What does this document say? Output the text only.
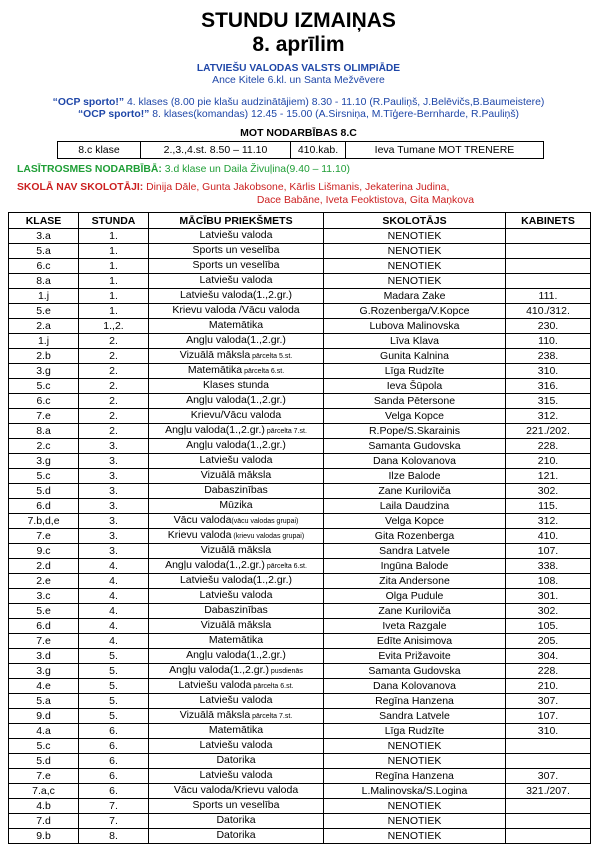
STUNDU IZMAIŅAS
8. aprīlim
LATVIEŠU VALODAS VALSTS OLIMPIĀDE
Ance Kitele 6.kl. un Santa Mežvēvere
“OCP sporto!” 4. klases (8.00 pie klašu audzinātājiem) 8.30 - 11.10 (R.Pauliņš, J.Belēvičs,B.Baumeistere)
“OCP sporto!” 8. klases(komandas) 12.45 - 15.00 (A.Sirsniņa, M.Tīģere-Bernharde, R.Pauliņš)
MOT NODARBĪBAS 8.C
8.c klase	2.,3.,4.st. 8.50 – 11.10	410.kab.	Ieva Tumane MOT TRENERE
LASĪTROSMES NODARBĪBĀ: 3.d klase un Daila Živuļina(9.40 – 11.10)
SKOLĀ NAV SKOLOTĀJI: Dinija Dāle, Gunta Jakobsone, Kārlis Lišmanis, Jekaterina Judina,
Dace Babāne, Iveta Feoktistova, Gita Maņkova
KLASE	STUNDA	MĀCĪBU PRIEKŠMETS	SKOLOTĀJS	KABINETS
3.a	1.	Latviešu valoda	NENOTIEK	
5.a	1.	Sports un veselība	NENOTIEK	
6.c	1.	Sports un veselība	NENOTIEK	
8.a	1.	Latviešu valoda	NENOTIEK	
1.j	1.	Latviešu valoda(1.,2.gr.)	Madara Zake	111.
5.e	1.	Krievu valoda /Vācu valoda	G.Rozenberga/V.Kopce	410./312.
2.a	1.,2.	Matemātika	Lubova Malinovska	230.
1.j	2.	Angļu valoda(1.,2.gr.)	Līva Klava	110.
2.b	2.	Vizuālā māksla pārcelta 5.st.	Gunita Kalnina	238.
3.g	2.	Matemātika pārcelta 6.st.	Līga Rudzīte	310.
5.c	2.	Klases stunda	Ieva Šūpola	316.
6.c	2.	Angļu valoda(1.,2.gr.)	Sanda Pētersone	315.
7.e	2.	Krievu/Vācu valoda	Velga Kopce	312.
8.a	2.	Angļu valoda(1.,2.gr.) pārcelta 7.st.	R.Pope/S.Skarainis	221./202.
2.c	3.	Angļu valoda(1.,2.gr.)	Samanta Gudovska	228.
3.g	3.	Latviešu valoda	Dana Kolovanova	210.
5.c	3.	Vizuālā māksla	Ilze Balode	121.
5.d	3.	Dabaszinības	Zane Kuriloviča	302.
6.d	3.	Mūzika	Laila Daudzina	115.
7.b,d,e	3.	Vācu valoda(vācu valodas grupai)	Velga Kopce	312.
7.e	3.	Krievu valoda (krievu valodas grupai)	Gita Rozenberga	410.
9.c	3.	Vizuālā māksla	Sandra Latvele	107.
2.d	4.	Angļu valoda(1.,2.gr.) pārcelta 6.st.	Ingūna Balode	338.
2.e	4.	Latviešu valoda(1.,2.gr.)	Zita Andersone	108.
3.c	4.	Latviešu valoda	Olga Pudule	301.
5.e	4.	Dabaszinības	Zane Kuriloviča	302.
6.d	4.	Vizuālā māksla	Iveta Razgale	105.
7.e	4.	Matemātika	Edīte Anisimova	205.
3.d	5.	Angļu valoda(1.,2.gr.)	Evita Prižavoite	304.
3.g	5.	Angļu valoda(1.,2.gr.) pusdienās	Samanta Gudovska	228.
4.e	5.	Latviešu valoda pārcelta 6.st.	Dana Kolovanova	210.
5.a	5.	Latviešu valoda	Regīna Hanzena	307.
9.d	5.	Vizuālā māksla pārcelta 7.st.	Sandra Latvele	107.
4.a	6.	Matemātika	Līga Rudzīte	310.
5.c	6.	Latviešu valoda	NENOTIEK	
5.d	6.	Datorika	NENOTIEK	
7.e	6.	Latviešu valoda	Regīna Hanzena	307.
7.a,c	6.	Vācu valoda/Krievu valoda	L.Malinovska/S.Logina	321./207.
4.b	7.	Sports un veselība	NENOTIEK	
7.d	7.	Datorika	NENOTIEK	
9.b	8.	Datorika	NENOTIEK	
